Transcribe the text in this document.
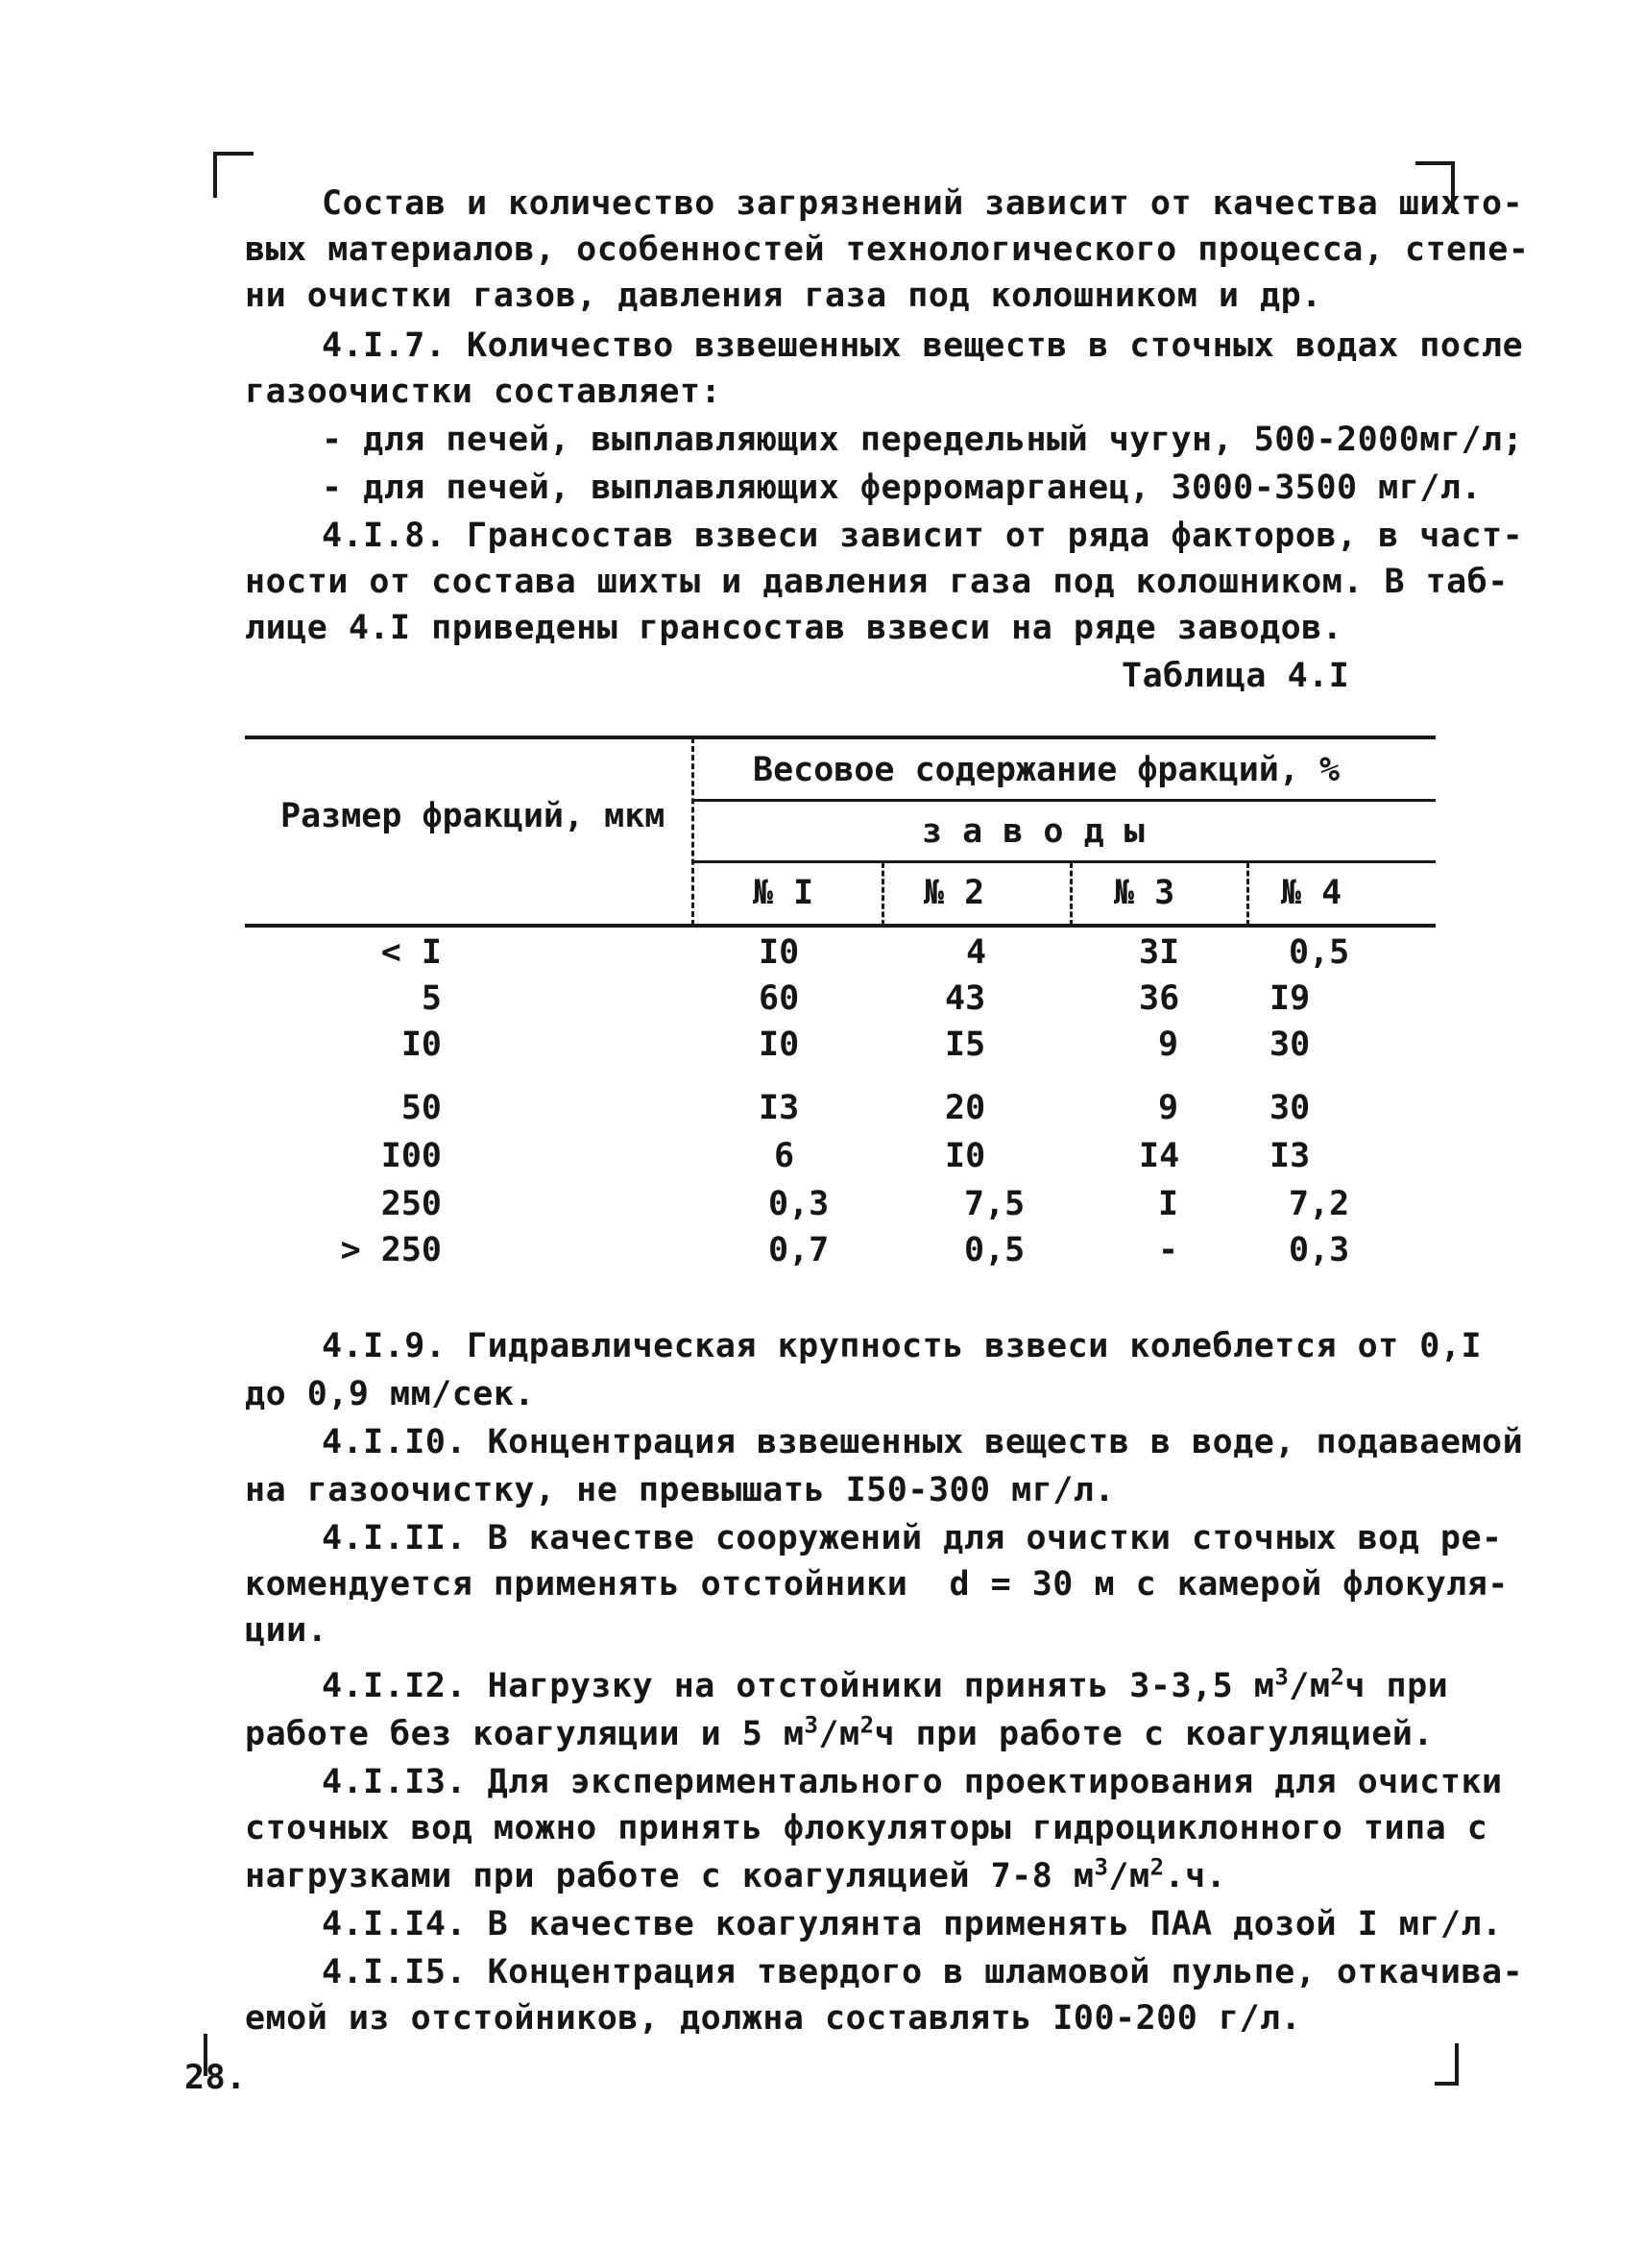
Состав и количество загрязнений зависит от качества шихто-
вых материалов, особенностей технологического процесса, степе-
ни очистки газов, давления газа под колошником и др.
4.I.7. Количество взвешенных веществ в сточных водах после
газоочистки составляет:
- для печей, выплавляющих передельный чугун, 500-2000мг/л;
- для печей, выплавляющих ферромарганец, 3000-3500 мг/л.
4.I.8. Грансостав взвеси зависит от ряда факторов, в част-
ности от состава шихты и давления газа под колошником. В таб-
лице 4.I приведены грансостав взвеси на ряде заводов.
Таблица 4.I
Размер фракций, мкм
Весовое содержание фракций, %
з а в о д ы
№ I	№ 2	№ 3	№ 4
< I	I0	4	3I	0,5
5	60	43	36	I9
I0	I0	I5	9	30
50	I3	20	9	30
I00	6	I0	I4	I3
250	0,3	7,5	I	7,2
> 250	0,7	0,5	-	0,3
4.I.9. Гидравлическая крупность взвеси колеблется от 0,I
до 0,9 мм/сек.
4.I.I0. Концентрация взвешенных веществ в воде, подаваемой
на газоочистку, не превышать I50-300 мг/л.
4.I.II. В качестве сооружений для очистки сточных вод ре-
комендуется применять отстойники  d = 30 м с камерой флокуля-
ции.
4.I.I2. Нагрузку на отстойники принять 3-3,5 $м^3/м^2ч$ при
работе без коагуляции и 5 $м^3/м^2ч$ при работе с коагуляцией.
4.I.I3. Для экспериментального проектирования для очистки
сточных вод можно принять флокуляторы гидроциклонного типа с
нагрузками при работе с коагуляцией 7-8 $м^3/м^2.ч$.
4.I.I4. В качестве коагулянта применять ПАА дозой I мг/л.
4.I.I5. Концентрация твердого в шламовой пульпе, откачива-
емой из отстойников, должна составлять I00-200 г/л.
28.
